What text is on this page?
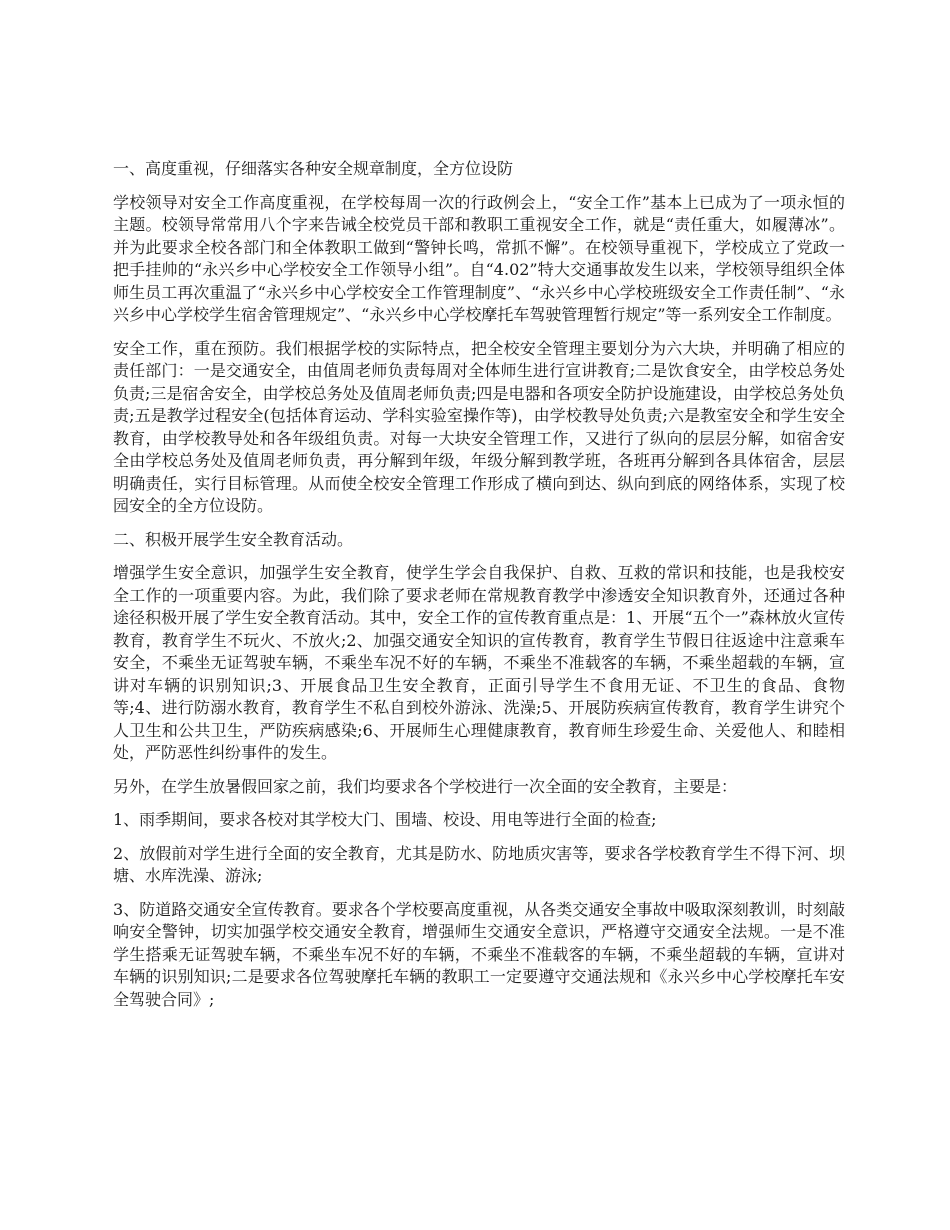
一、高度重视，仔细落实各种安全规章制度，全方位设防

学校领导对安全工作高度重视，在学校每周一次的行政例会上，“安全工作”基本上已成为了一项永恒的主题。校领导常常用八个字来告诫全校党员干部和教职工重视安全工作，就是“责任重大，如履薄冰”。并为此要求全校各部门和全体教职工做到“警钟长鸣，常抓不懈”。在校领导重视下，学校成立了党政一把手挂帅的“永兴乡中心学校安全工作领导小组”。自“4.02”特大交通事故发生以来，学校领导组织全体师生员工再次重温了“永兴乡中心学校安全工作管理制度”、“永兴乡中心学校班级安全工作责任制”、“永兴乡中心学校学生宿舍管理规定”、“永兴乡中心学校摩托车驾驶管理暂行规定”等一系列安全工作制度。

安全工作，重在预防。我们根据学校的实际特点，把全校安全管理主要划分为六大块，并明确了相应的责任部门：一是交通安全，由值周老师负责每周对全体师生进行宣讲教育;二是饮食安全，由学校总务处负责;三是宿舍安全，由学校总务处及值周老师负责;四是电器和各项安全防护设施建设，由学校总务处负责;五是教学过程安全(包括体育运动、学科实验室操作等)，由学校教导处负责;六是教室安全和学生安全教育，由学校教导处和各年级组负责。对每一大块安全管理工作，又进行了纵向的层层分解，如宿舍安全由学校总务处及值周老师负责，再分解到年级，年级分解到教学班，各班再分解到各具体宿舍，层层明确责任，实行目标管理。从而使全校安全管理工作形成了横向到达、纵向到底的网络体系，实现了校园安全的全方位设防。

二、积极开展学生安全教育活动。

增强学生安全意识，加强学生安全教育，使学生学会自我保护、自救、互救的常识和技能，也是我校安全工作的一项重要内容。为此，我们除了要求老师在常规教育教学中渗透安全知识教育外，还通过各种途径积极开展了学生安全教育活动。其中，安全工作的宣传教育重点是：1、开展“五个一”森林放火宣传教育，教育学生不玩火、不放火;2、加强交通安全知识的宣传教育，教育学生节假日往返途中注意乘车安全，不乘坐无证驾驶车辆，不乘坐车况不好的车辆，不乘坐不准载客的车辆，不乘坐超载的车辆，宣讲对车辆的识别知识;3、开展食品卫生安全教育，正面引导学生不食用无证、不卫生的食品、食物等;4、进行防溺水教育，教育学生不私自到校外游泳、洗澡;5、开展防疾病宣传教育，教育学生讲究个人卫生和公共卫生，严防疾病感染;6、开展师生心理健康教育，教育师生珍爱生命、关爱他人、和睦相处，严防恶性纠纷事件的发生。

另外，在学生放暑假回家之前，我们均要求各个学校进行一次全面的安全教育，主要是：

1、雨季期间，要求各校对其学校大门、围墙、校设、用电等进行全面的检查;

2、放假前对学生进行全面的安全教育，尤其是防水、防地质灾害等，要求各学校教育学生不得下河、坝塘、水库洗澡、游泳;

3、防道路交通安全宣传教育。要求各个学校要高度重视，从各类交通安全事故中吸取深刻教训，时刻敲响安全警钟，切实加强学校交通安全教育，增强师生交通安全意识，严格遵守交通安全法规。一是不准学生搭乘无证驾驶车辆，不乘坐车况不好的车辆，不乘坐不准载客的车辆，不乘坐超载的车辆，宣讲对车辆的识别知识;二是要求各位驾驶摩托车辆的教职工一定要遵守交通法规和《永兴乡中心学校摩托车安全驾驶合同》;
